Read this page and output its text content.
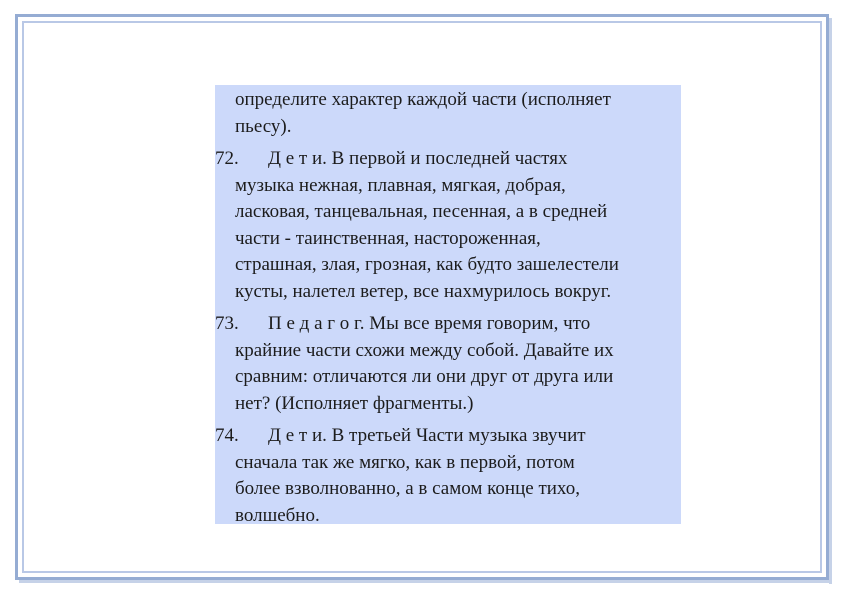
определите характер каждой части (исполняет
пьесу).
72.	Д е т и. В первой и последней частях
музыка нежная, плавная, мягкая, добрая,
ласковая, танцевальная, песенная, а в средней
части - таинственная, настороженная,
страшная, злая, грозная, как будто зашелестели
кусты, налетел ветер, все нахмурилось вокруг.
73.	П е д а г о г. Мы все время говорим, что
крайние части схожи между собой. Давайте их
сравним: отличаются ли они друг от друга или
нет? (Исполняет фрагменты.)
74.	Д е т и. В третьей Части музыка звучит
сначала так же мягко, как в первой, потом
более взволнованно, а в самом конце тихо,
волшебно.
